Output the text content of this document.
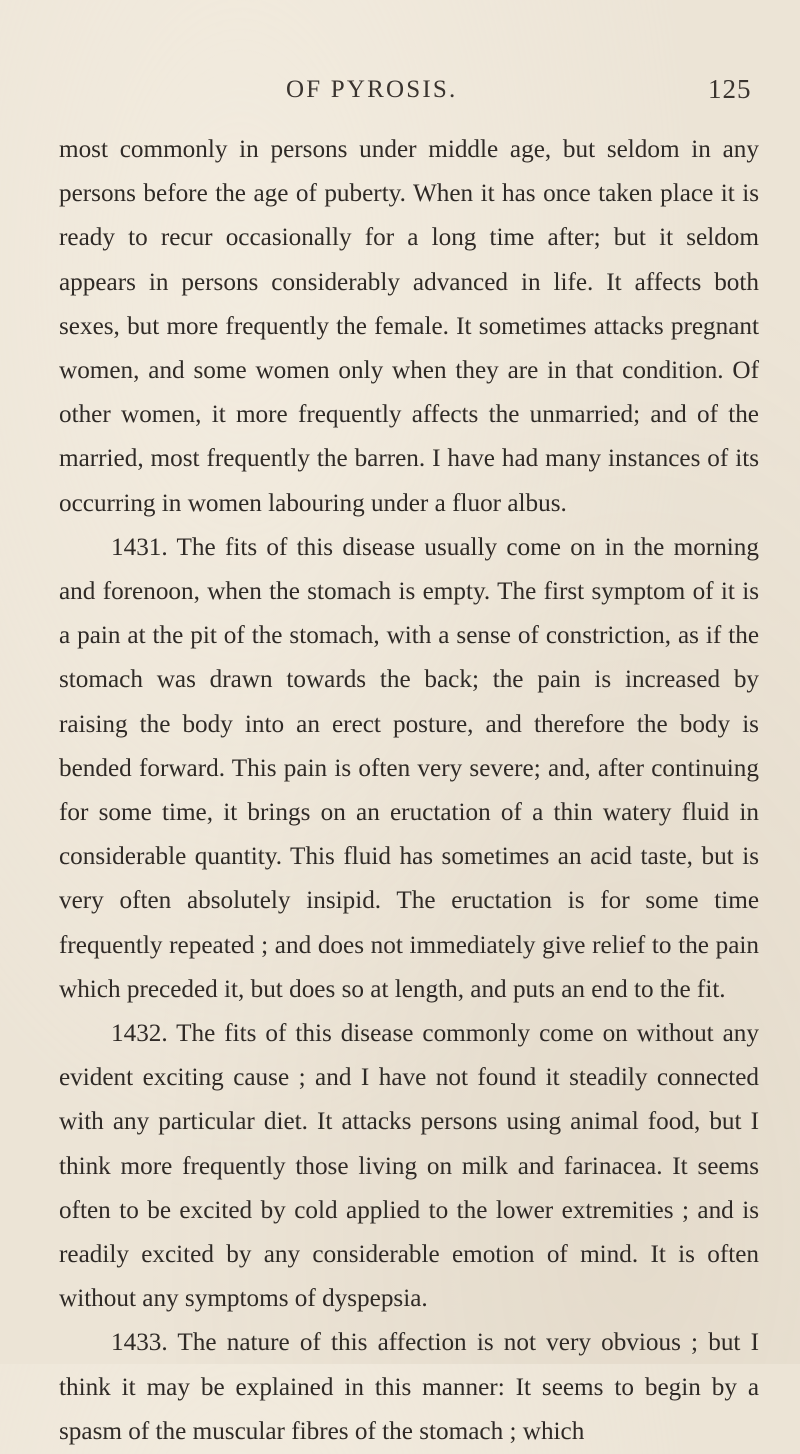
OF PYROSIS.	125

most commonly in persons under middle age, but seldom in any persons before the age of puberty. When it has once taken place it is ready to recur occasionally for a long time after; but it seldom appears in persons considerably advanced in life. It affects both sexes, but more frequently the female. It sometimes attacks pregnant women, and some women only when they are in that condition. Of other women, it more frequently affects the unmarried; and of the married, most frequently the barren. I have had many instances of its occurring in women labouring under a fluor albus.

1431. The fits of this disease usually come on in the morning and forenoon, when the stomach is empty. The first symptom of it is a pain at the pit of the stomach, with a sense of constriction, as if the stomach was drawn towards the back; the pain is increased by raising the body into an erect posture, and therefore the body is bended forward. This pain is often very severe; and, after continuing for some time, it brings on an eructation of a thin watery fluid in considerable quantity. This fluid has sometimes an acid taste, but is very often absolutely insipid. The eructation is for some time frequently repeated ; and does not immediately give relief to the pain which preceded it, but does so at length, and puts an end to the fit.

1432. The fits of this disease commonly come on without any evident exciting cause ; and I have not found it steadily connected with any particular diet. It attacks persons using animal food, but I think more frequently those living on milk and farinacea. It seems often to be excited by cold applied to the lower extremities ; and is readily excited by any considerable emotion of mind. It is often without any symptoms of dyspepsia.

1433. The nature of this affection is not very obvious ; but I think it may be explained in this manner: It seems to begin by a spasm of the muscular fibres of the stomach ; which
